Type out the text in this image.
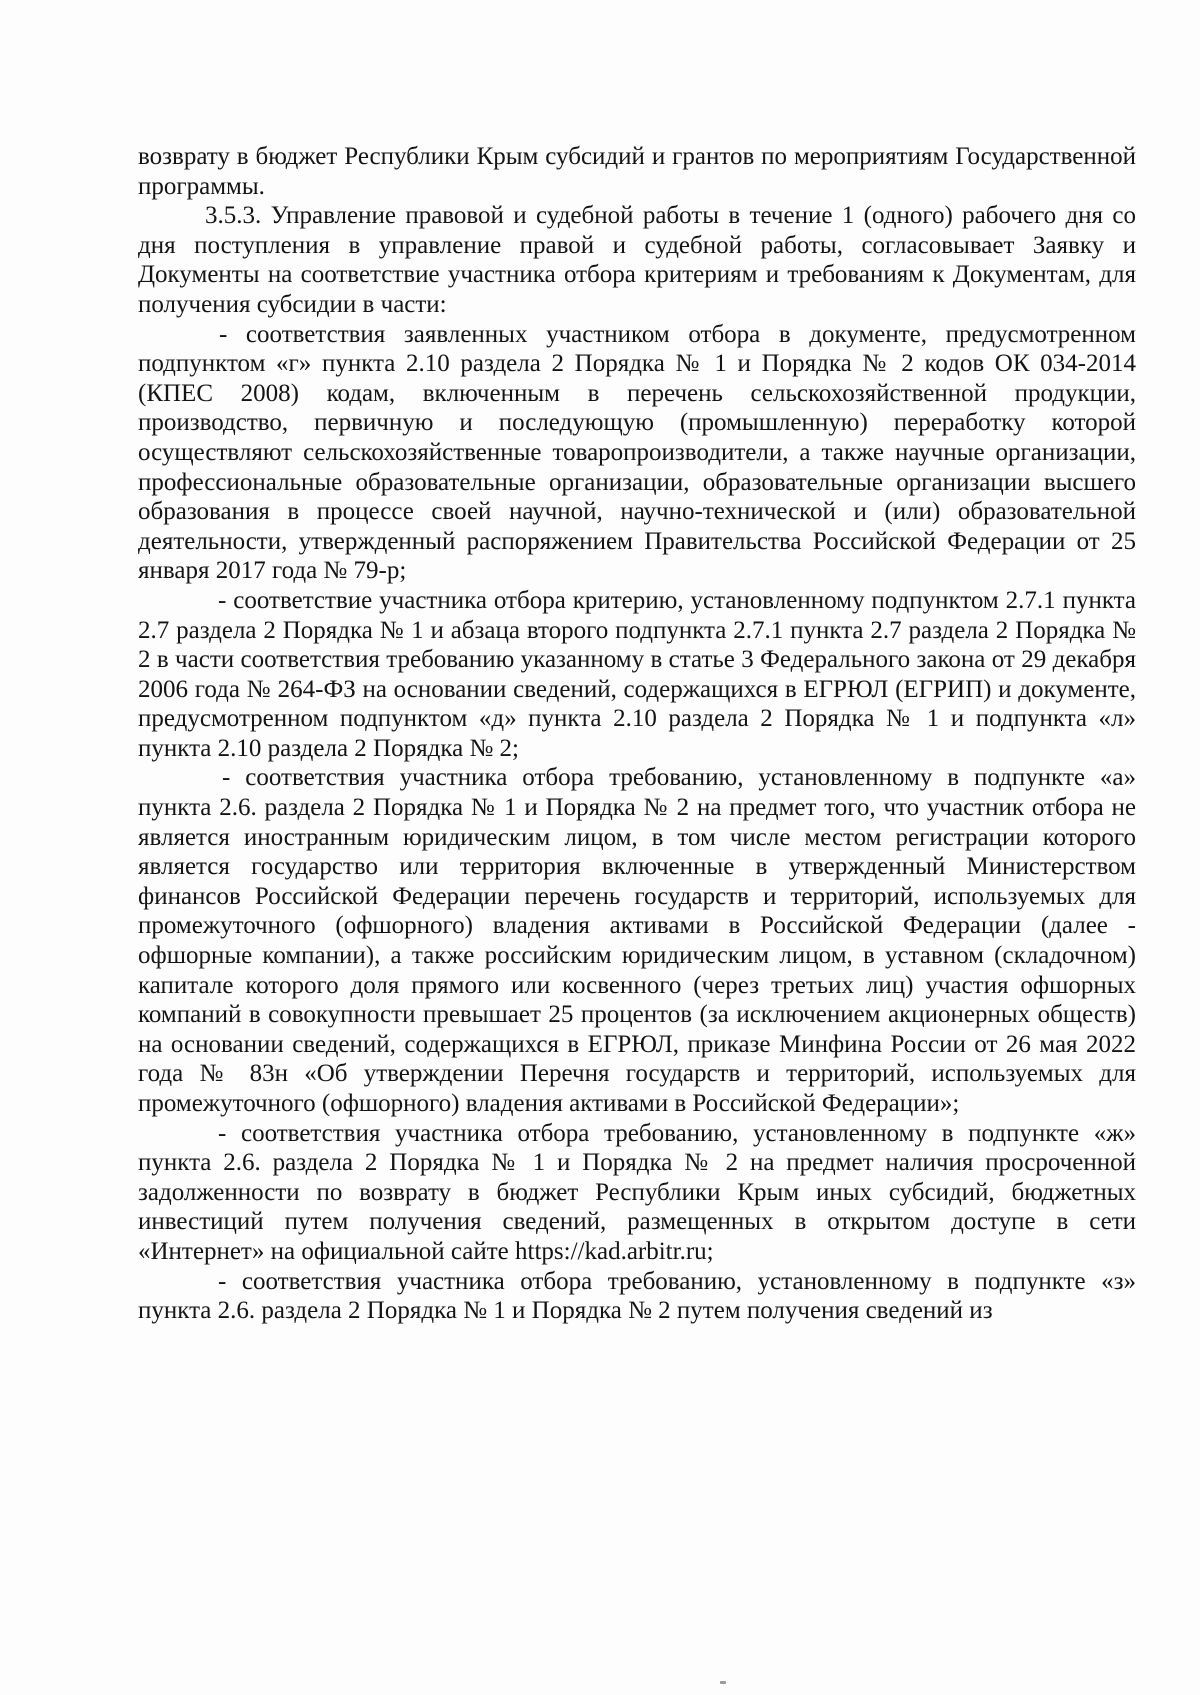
возврату в бюджет Республики Крым субсидий и грантов по мероприятиям Государственной программы.

3.5.3. Управление правовой и судебной работы в течение 1 (одного) рабочего дня со дня поступления в управление правой и судебной работы, согласовывает Заявку и Документы на соответствие участника отбора критериям и требованиям к Документам, для получения субсидии в части:

- соответствия заявленных участником отбора в документе, предусмотренном подпунктом «г» пункта 2.10 раздела 2 Порядка № 1 и Порядка № 2 кодов ОК 034-2014 (КПЕС 2008) кодам, включенным в перечень сельскохозяйственной продукции, производство, первичную и последующую (промышленную) переработку которой осуществляют сельскохозяйственные товаропроизводители, а также научные организации, профессиональные образовательные организации, образовательные организации высшего образования в процессе своей научной, научно-технической и (или) образовательной деятельности, утвержденный распоряжением Правительства Российской Федерации от 25 января 2017 года № 79-р;

- соответствие участника отбора критерию, установленному подпунктом 2.7.1 пункта 2.7 раздела 2 Порядка № 1 и абзаца второго подпункта 2.7.1 пункта 2.7 раздела 2 Порядка № 2 в части соответствия требованию указанному в статье 3 Федерального закона от 29 декабря 2006 года № 264-ФЗ на основании сведений, содержащихся в ЕГРЮЛ (ЕГРИП) и документе, предусмотренном подпунктом «д» пункта 2.10 раздела 2 Порядка № 1 и подпункта «л» пункта 2.10 раздела 2 Порядка № 2;

- соответствия участника отбора требованию, установленному в подпункте «а» пункта 2.6. раздела 2 Порядка № 1 и Порядка № 2 на предмет того, что участник отбора не является иностранным юридическим лицом, в том числе местом регистрации которого является государство или территория включенные в утвержденный Министерством финансов Российской Федерации перечень государств и территорий, используемых для промежуточного (офшорного) владения активами в Российской Федерации (далее - офшорные компании), а также российским юридическим лицом, в уставном (складочном) капитале которого доля прямого или косвенного (через третьих лиц) участия офшорных компаний в совокупности превышает 25 процентов (за исключением акционерных обществ) на основании сведений, содержащихся в ЕГРЮЛ, приказе Минфина России от 26 мая 2022 года № 83н «Об утверждении Перечня государств и территорий, используемых для промежуточного (офшорного) владения активами в Российской Федерации»;

- соответствия участника отбора требованию, установленному в подпункте «ж» пункта 2.6. раздела 2 Порядка № 1 и Порядка № 2 на предмет наличия просроченной задолженности по возврату в бюджет Республики Крым иных субсидий, бюджетных инвестиций путем получения сведений, размещенных в открытом доступе в сети «Интернет» на официальной сайте https://kad.arbitr.ru;

- соответствия участника отбора требованию, установленному в подпункте «з» пункта 2.6. раздела 2 Порядка № 1 и Порядка № 2 путем получения сведений из
